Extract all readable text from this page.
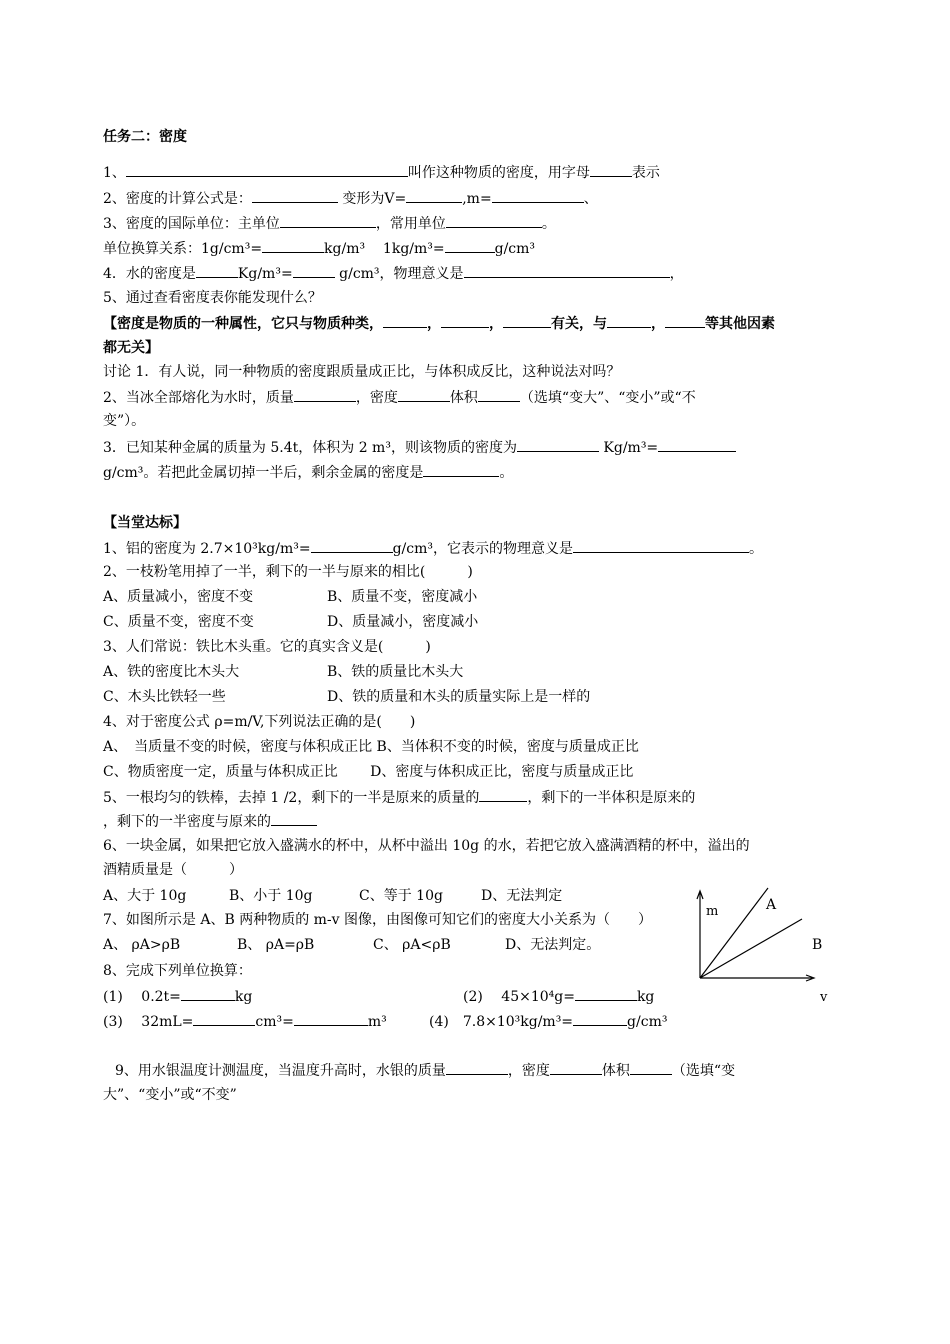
任务二：密度
1、	叫作这种物质的密度，用字母	表示
2、密度的计算公式是：	变形为V=	,m=	、
3、密度的国际单位：主单位	，常用单位	。
单位换算关系：1g/cm³=	kg/m³ 1kg/m³=	g/cm³
4．水的密度是	Kg/m³=	g/cm³，物理意义是	，
5、通过查看密度表你能发现什么？
【密度是物质的一种属性，它只与物质种类，	，	，	有关，与	，	等其他因素
都无关】
讨论 1．有人说，同一种物质的密度跟质量成正比，与体积成反比，这种说法对吗？
2、当冰全部熔化为水时，质量	，密度	体积	（选填“变大”、“变小”或“不
变”）。
3．已知某种金属的质量为 5.4t，体积为 2 m³，则该物质的密度为	Kg/m³=
g/cm³。若把此金属切掉一半后，剩余金属的密度是	。
【当堂达标】
1、铝的密度为 2.7×10³kg/m³=	g/cm³，它表示的物理意义是	。
2、一枝粉笔用掉了一半，剩下的一半与原来的相比(　　　)
A、质量减小，密度不变	B、质量不变，密度减小
C、质量不变，密度不变	D、质量减小，密度减小
3、人们常说：铁比木头重。它的真实含义是(　　　)
A、铁的密度比木头大	B、铁的质量比木头大
C、木头比铁轻一些	D、铁的质量和木头的质量实际上是一样的
4、对于密度公式 ρ=m/V,下列说法正确的是(　　)
A、　当质量不变的时候，密度与体积成正比 B、当体积不变的时候，密度与质量成正比
C、物质密度一定，质量与体积成正比　　 D、密度与体积成正比，密度与质量成正比
5、一根均匀的铁棒，去掉 1 /2，剩下的一半是原来的质量的	，剩下的一半体积是原来的
，剩下的一半密度与原来的
6、一块金属，如果把它放入盛满水的杯中，从杯中溢出 10g 的水，若把它放入盛满酒精的杯中，溢出的
酒精质量是（　　　）
A、大于 10g	B、小于 10g	C、等于 10g	D、无法判定
7、如图所示是 A、B 两种物质的 m-v 图像，由图像可知它们的密度大小关系为（　　）
A、 ρA>ρB	B、 ρA=ρB	C、 ρA<ρB	D、无法判定。
8、完成下列单位换算：
(1)　 0.2t=	kg	(2)　 45×10⁴g=	kg
(3)　 32mL=	cm³=	m³	(4)　7.8×10³kg/m³=	g/cm³
9、用水银温度计测温度，当温度升高时，水银的质量	，密度	体积	（选填“变
大”、“变小”或“不变”
m
v
A
B
